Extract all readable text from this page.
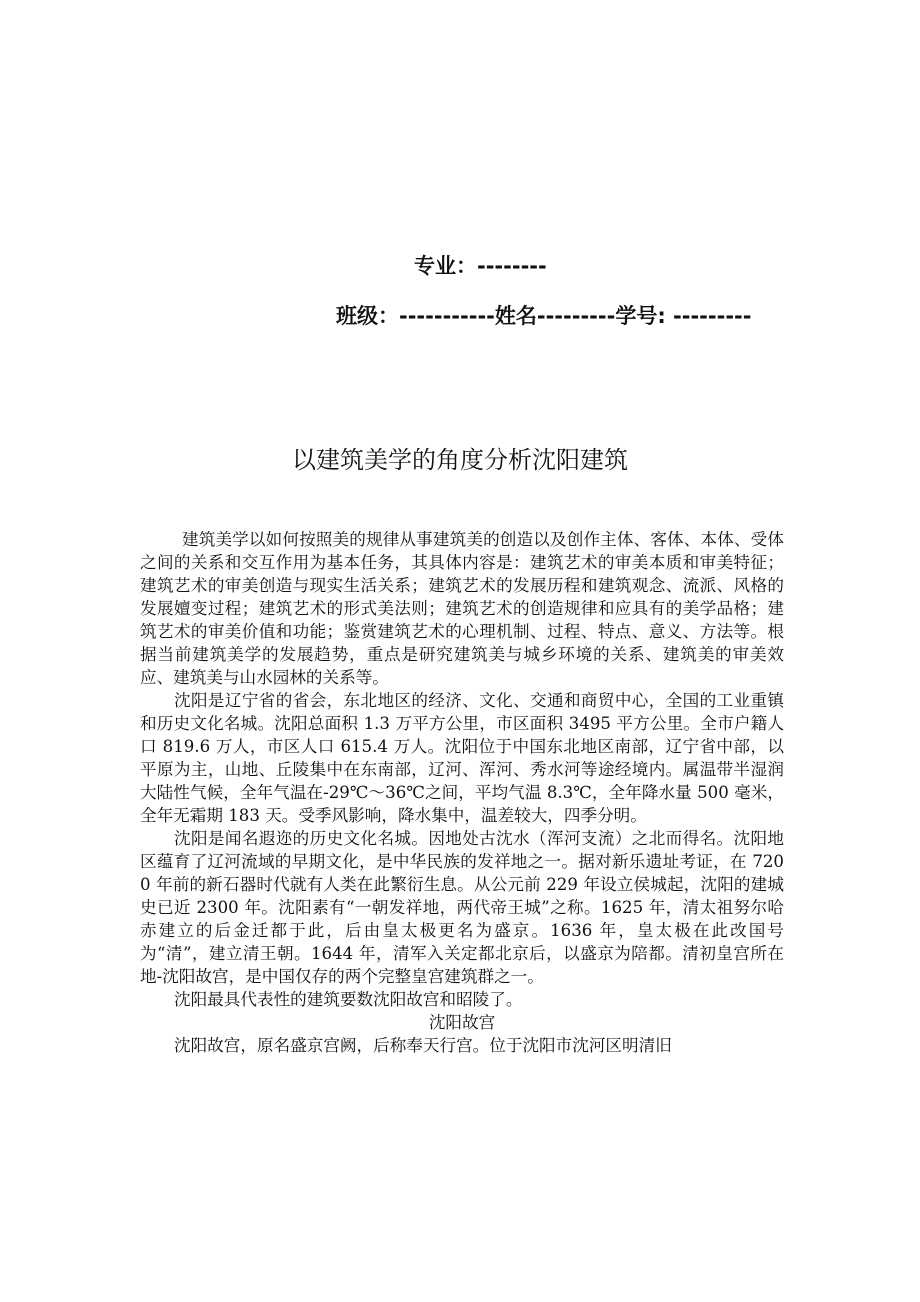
专业：--------
班级：-----------姓名---------学号: ---------
以建筑美学的角度分析沈阳建筑

建筑美学以如何按照美的规律从事建筑美的创造以及创作主体、客体、本体、受体之间的关系和交互作用为基本任务，其具体内容是：建筑艺术的审美本质和审美特征；建筑艺术的审美创造与现实生活关系；建筑艺术的发展历程和建筑观念、流派、风格的发展嬗变过程；建筑艺术的形式美法则；建筑艺术的创造规律和应具有的美学品格；建筑艺术的审美价值和功能；鉴赏建筑艺术的心理机制、过程、特点、意义、方法等。根据当前建筑美学的发展趋势，重点是研究建筑美与城乡环境的关系、建筑美的审美效应、建筑美与山水园林的关系等。

沈阳是辽宁省的省会，东北地区的经济、文化、交通和商贸中心，全国的工业重镇和历史文化名城。沈阳总面积 1.3 万平方公里，市区面积 3495 平方公里。全市户籍人口 819.6 万人，市区人口 615.4 万人。沈阳位于中国东北地区南部，辽宁省中部，以平原为主，山地、丘陵集中在东南部，辽河、浑河、秀水河等途经境内。属温带半湿润大陆性气候，全年气温在-29℃～36℃之间，平均气温 8.3℃，全年降水量 500 毫米，全年无霜期 183 天。受季风影响，降水集中，温差较大，四季分明。

沈阳是闻名遐迩的历史文化名城。因地处古沈水（浑河支流）之北而得名。沈阳地区蕴育了辽河流域的早期文化，是中华民族的发祥地之一。据对新乐遗址考证，在 7200 年前的新石器时代就有人类在此繁衍生息。从公元前 229 年设立侯城起，沈阳的建城史已近 2300 年。沈阳素有“一朝发祥地，两代帝王城”之称。1625 年，清太祖努尔哈赤建立的后金迁都于此，后由皇太极更名为盛京。1636 年，皇太极在此改国号为“清”，建立清王朝。1644 年，清军入关定都北京后，以盛京为陪都。清初皇宫所在地-沈阳故宫，是中国仅存的两个完整皇宫建筑群之一。

沈阳最具代表性的建筑要数沈阳故宫和昭陵了。

沈阳故宫

沈阳故宫，原名盛京宫阙，后称奉天行宫。位于沈阳市沈河区明清旧
